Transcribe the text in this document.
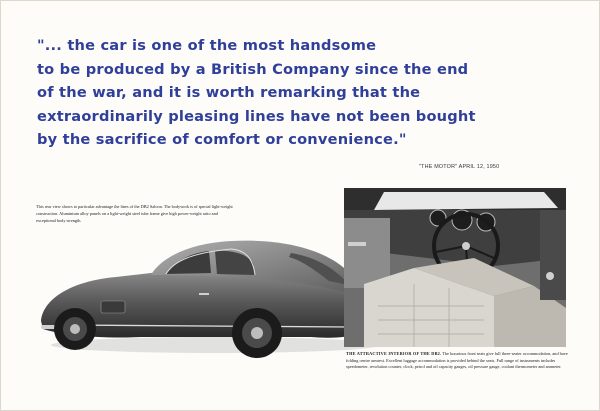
"... the car is one of the most handsome
to be produced by a British Company since the end
of the war, and it is worth remarking that the
extraordinarily pleasing lines have not been bought
by the sacrifice of comfort or convenience."

"THE MOTOR" APRIL 12, 1950

This rear view shows to particular advantage the lines of the DB2 Saloon. The bodywork is of special light-weight construction. Aluminium alloy panels on a light-weight steel tube frame give high power-weight ratio and exceptional body strength.

THE ATTRACTIVE INTERIOR OF THE DB2. The luxurious front seats give full three-seater accommodation, and have folding centre armrest. Excellent luggage accommodation is provided behind the seats. Full range of instruments includes speedometer, revolution counter, clock, petrol and oil capacity gauges, oil pressure gauge, coolant thermometer and ammeter.
